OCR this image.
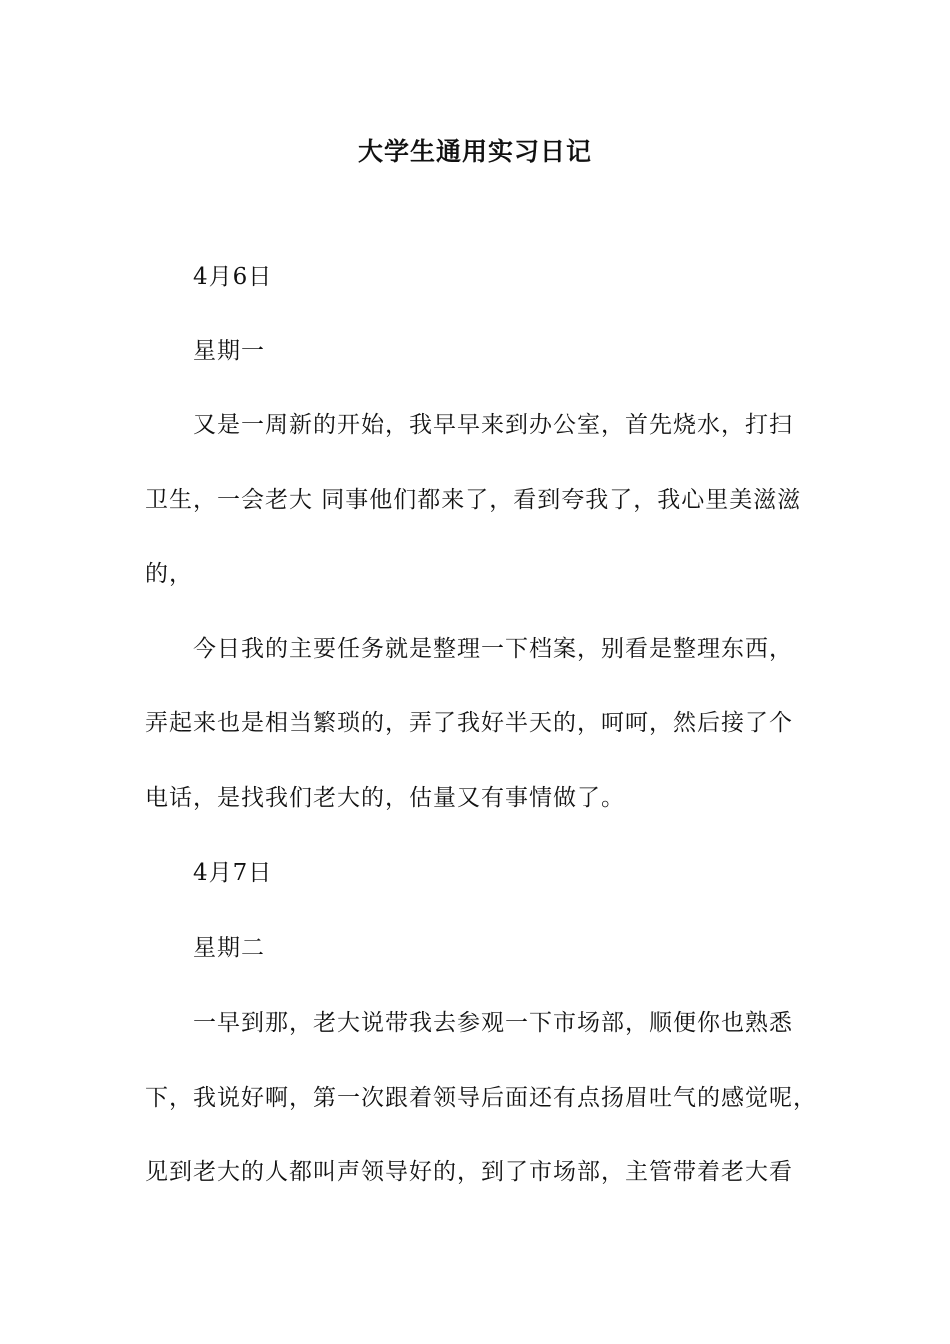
大学生通用实习日记
4月6日
星期一
又是一周新的开始，我早早来到办公室，首先烧水，打扫
卫生，一会老大 同事他们都来了，看到夸我了，我心里美滋滋
的，
今日我的主要任务就是整理一下档案，别看是整理东西，
弄起来也是相当繁琐的，弄了我好半天的，呵呵，然后接了个
电话，是找我们老大的，估量又有事情做了。
4月7日
星期二
一早到那，老大说带我去参观一下市场部，顺便你也熟悉
下，我说好啊，第一次跟着领导后面还有点扬眉吐气的感觉呢，
见到老大的人都叫声领导好的，到了市场部，主管带着老大看
